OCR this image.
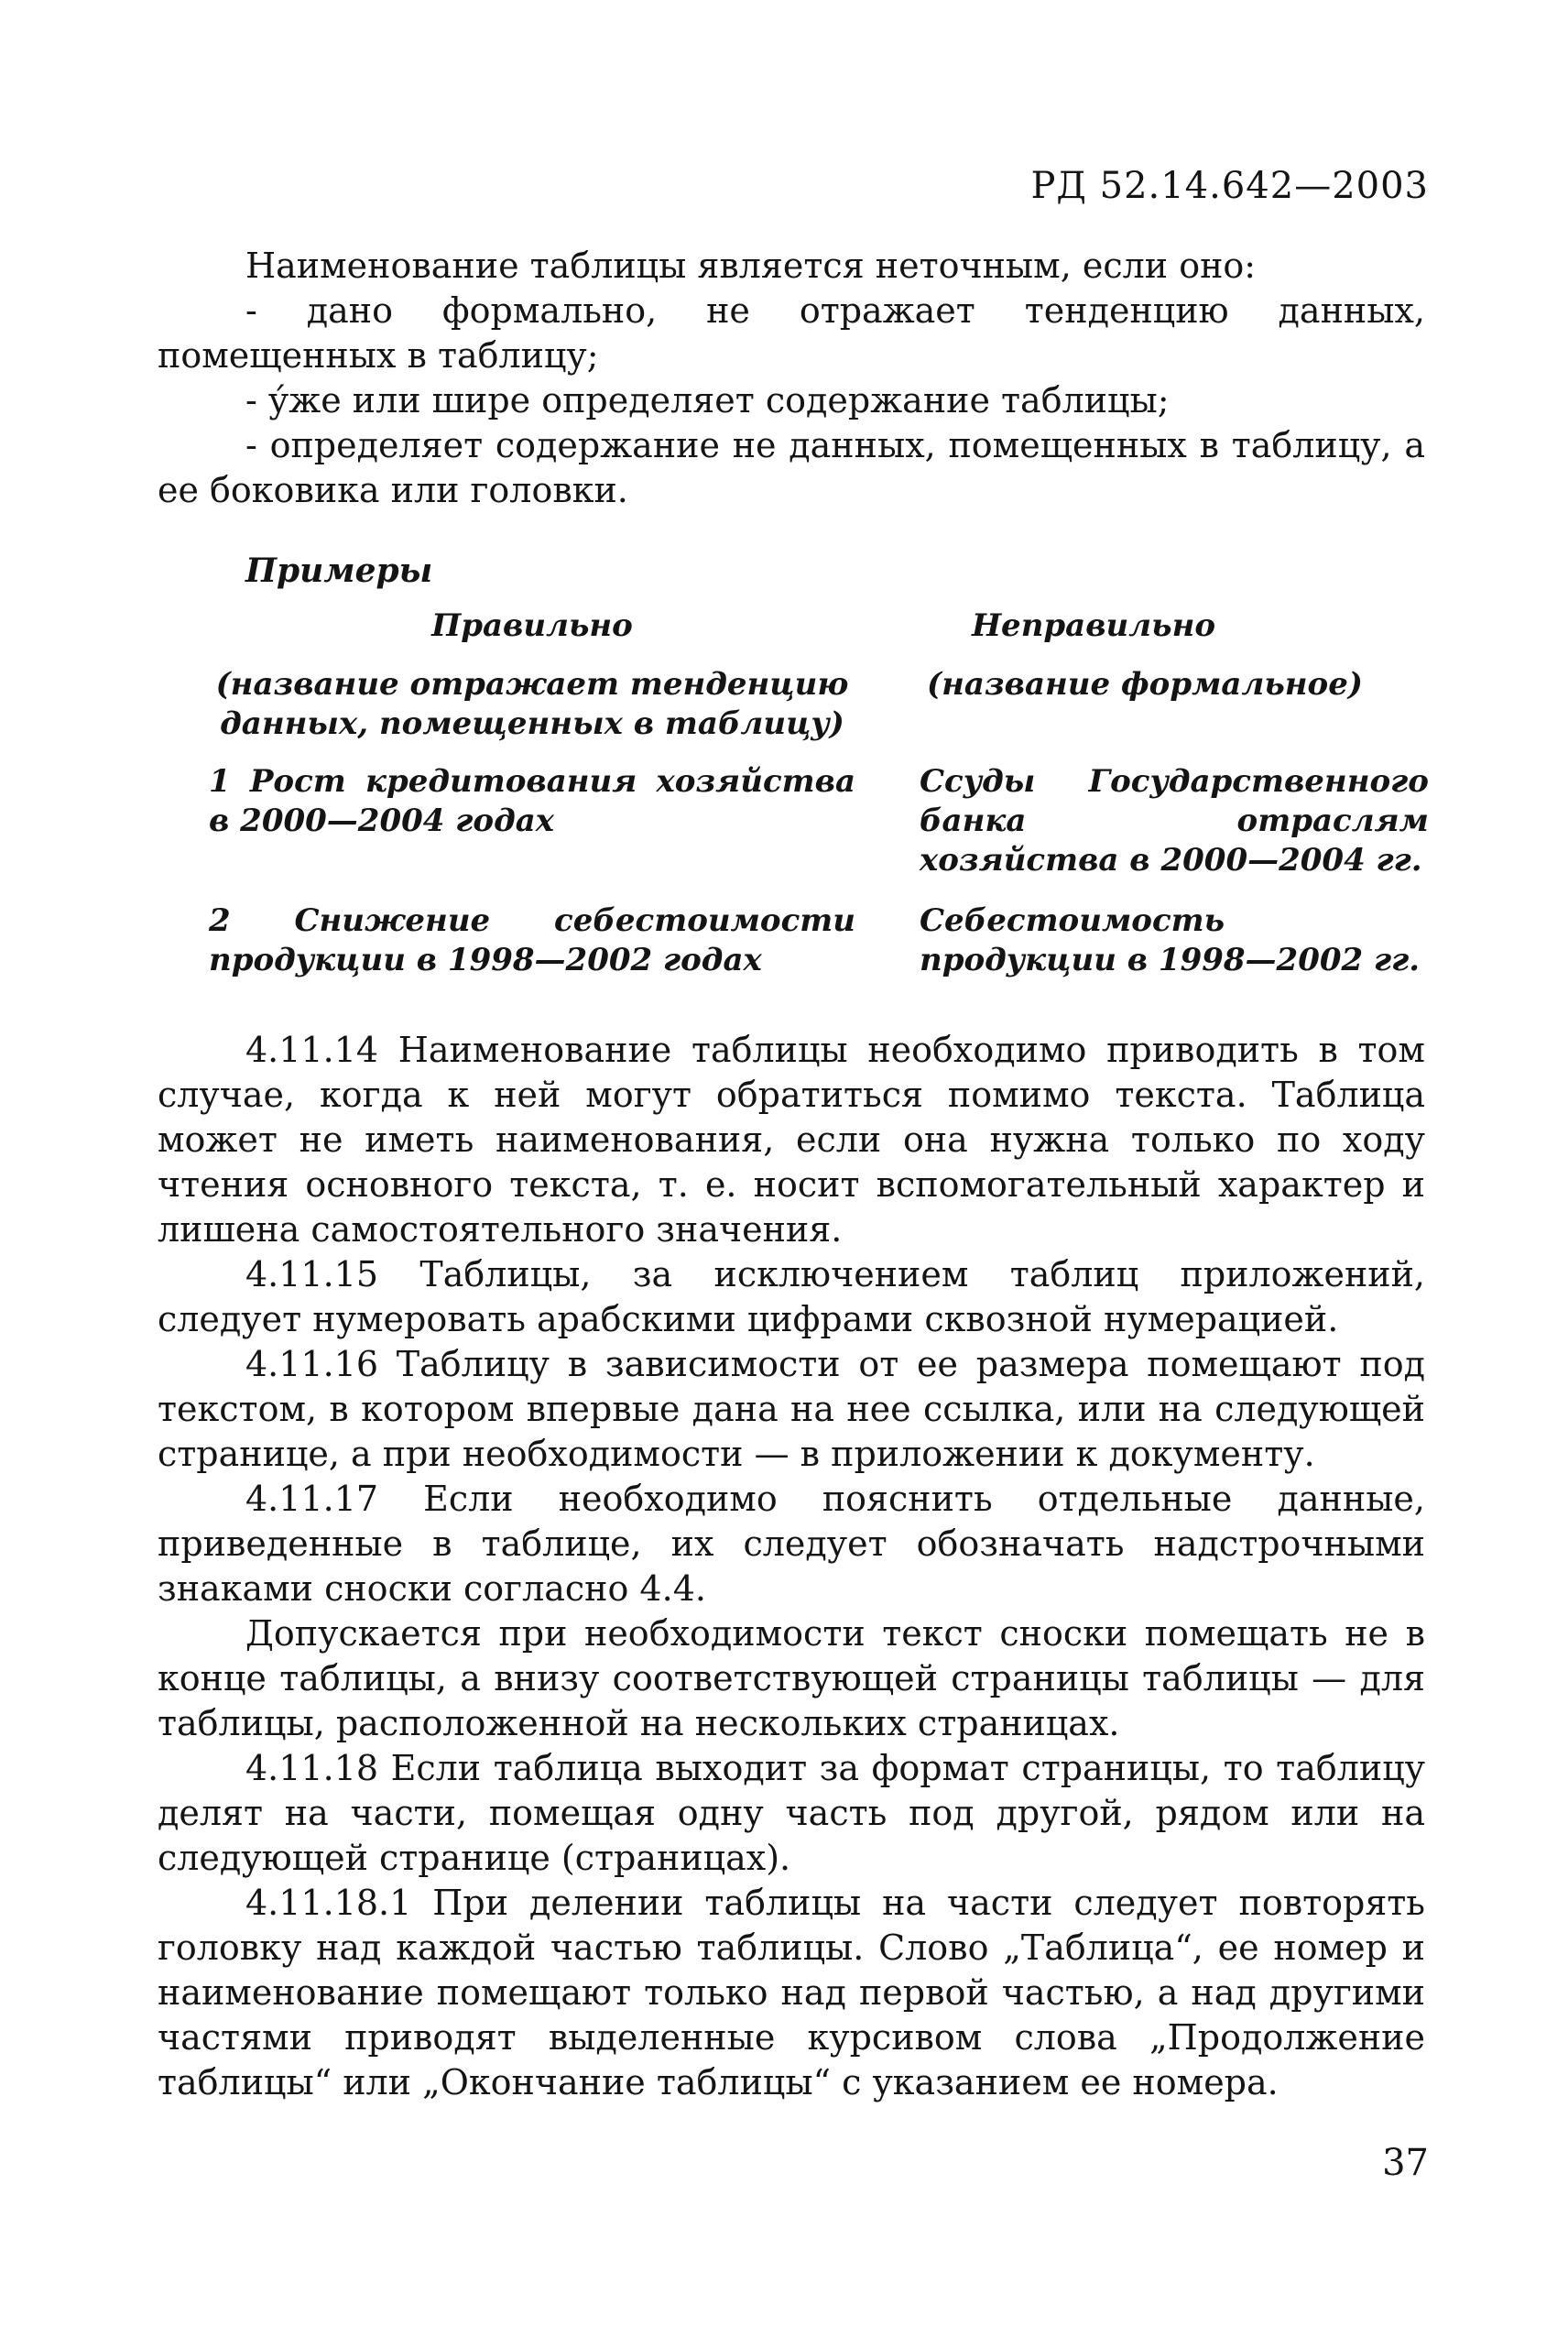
РД 52.14.642—2003

Наименование таблицы является неточным, если оно:

- дано формально, не отражает тенденцию данных, помещенных в таблицу;

- у́же или шире определяет содержание таблицы;

- определяет содержание не данных, помещенных в таблицу, а ее боковика или головки.

Примеры
Правильно	Неправильно
(название отражает тенденцию данных, помещенных в таблицу)
(название формальное)
1 Рост кредитования хозяйства в 2000—2004 годах
Ссуды Государственного банка отраслям хозяйства в 2000—2004 гг.
2 Снижение себестоимости продукции в 1998—2002 годах
Себестоимость продукции в 1998—2002 гг.

4.11.14 Наименование таблицы необходимо приводить в том случае, когда к ней могут обратиться помимо текста. Таблица может не иметь наименования, если она нужна только по ходу чтения основного текста, т. е. носит вспомогательный характер и лишена самостоятельного значения.

4.11.15 Таблицы, за исключением таблиц приложений, следует нумеровать арабскими цифрами сквозной нумерацией.

4.11.16 Таблицу в зависимости от ее размера помещают под текстом, в котором впервые дана на нее ссылка, или на следующей странице, а при необходимости — в приложении к документу.

4.11.17 Если необходимо пояснить отдельные данные, приведенные в таблице, их следует обозначать надстрочными знаками сноски согласно 4.4.

Допускается при необходимости текст сноски помещать не в конце таблицы, а внизу соответствующей страницы таблицы — для таблицы, расположенной на нескольких страницах.

4.11.18 Если таблица выходит за формат страницы, то таблицу делят на части, помещая одну часть под другой, рядом или на следующей странице (страницах).

4.11.18.1 При делении таблицы на части следует повторять головку над каждой частью таблицы. Слово „Таблица“, ее номер и наименование помещают только над первой частью, а над другими частями приводят выделенные курсивом слова „Продолжение таблицы“ или „Окончание таблицы“ с указанием ее номера.

37
